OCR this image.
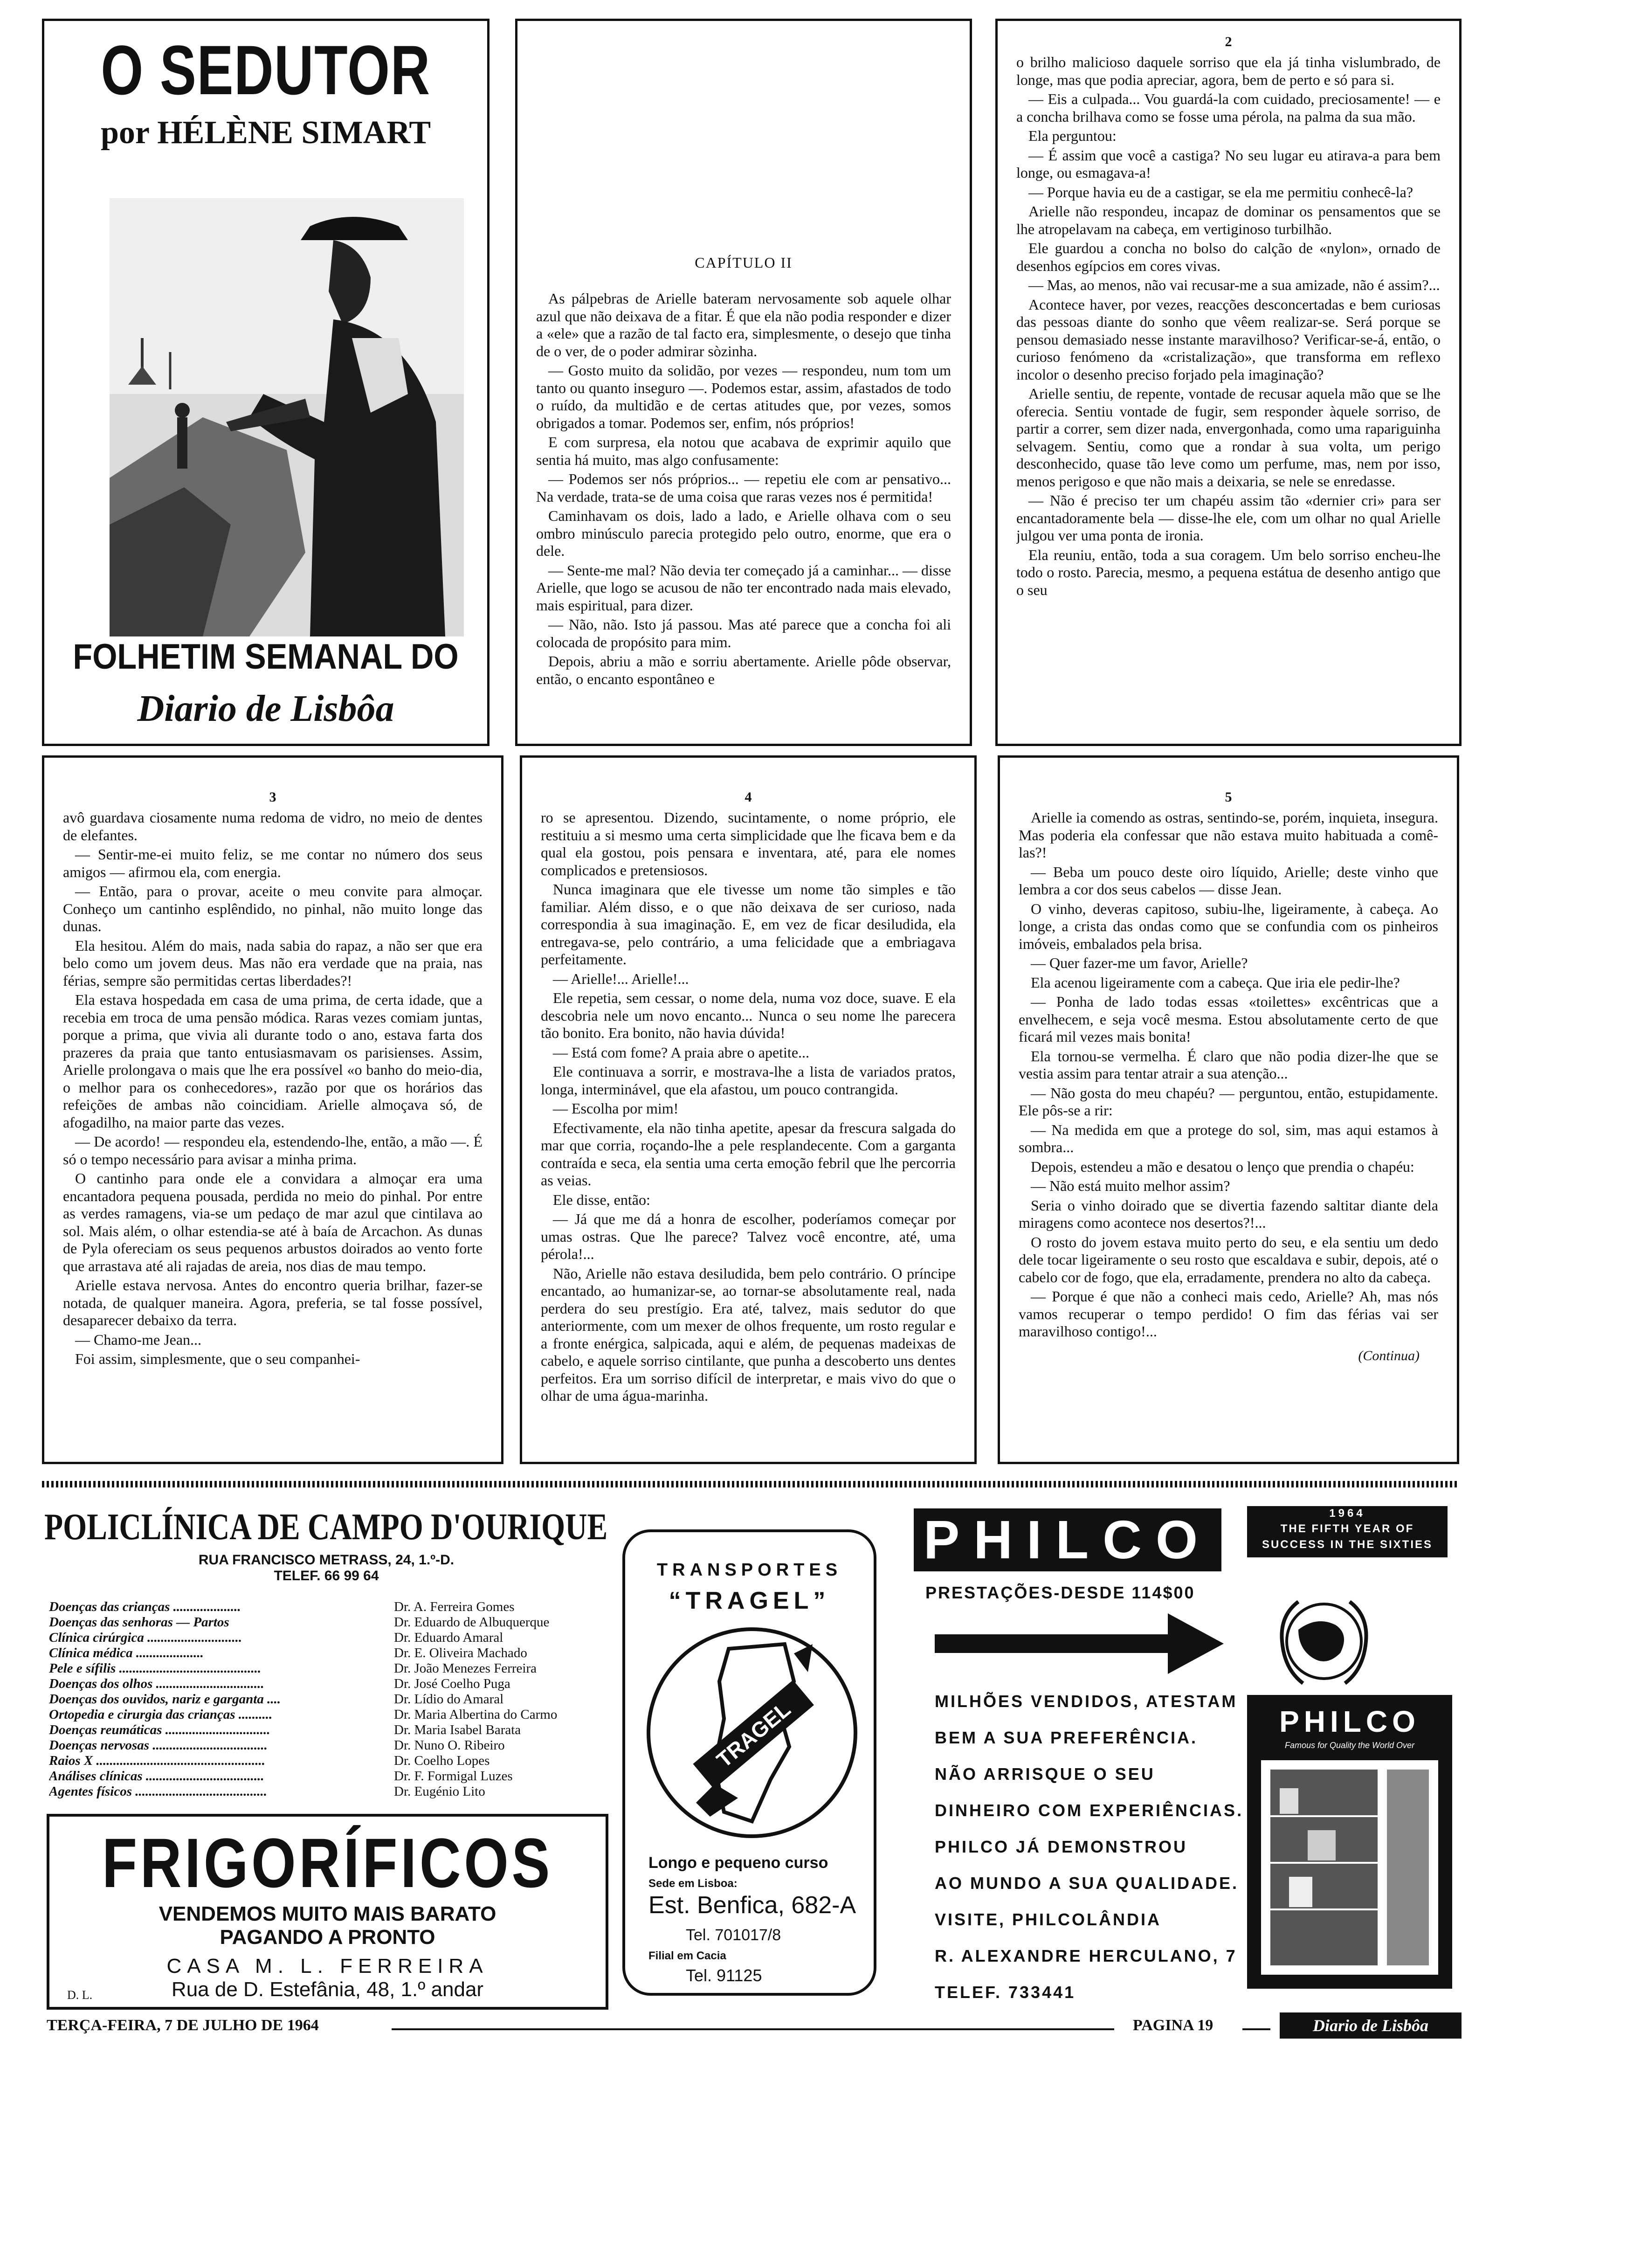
O SEDUTOR
por HÉLÈNE SIMART
FOLHETIM SEMANAL DO
Diario de Lisbôa
CAPÍTULO II

As pálpebras de Arielle bateram nervosamente sob aquele olhar azul que não deixava de a fitar. É que ela não podia responder e dizer a «ele» que a razão de tal facto era, simplesmente, o desejo que tinha de o ver, de o poder admirar sòzinha.

— Gosto muito da solidão, por vezes — respondeu, num tom um tanto ou quanto inseguro —. Podemos estar, assim, afastados de todo o ruído, da multidão e de certas atitudes que, por vezes, somos obrigados a tomar. Podemos ser, enfim, nós próprios!

E com surpresa, ela notou que acabava de exprimir aquilo que sentia há muito, mas algo confusamente:

— Podemos ser nós próprios... — repetiu ele com ar pensativo... Na verdade, trata-se de uma coisa que raras vezes nos é permitida!

Caminhavam os dois, lado a lado, e Arielle olhava com o seu ombro minúsculo parecia protegido pelo outro, enorme, que era o dele.

— Sente-me mal? Não devia ter começado já a caminhar... — disse Arielle, que logo se acusou de não ter encontrado nada mais elevado, mais espiritual, para dizer.

— Não, não. Isto já passou. Mas até parece que a concha foi ali colocada de propósito para mim.

Depois, abriu a mão e sorriu abertamente. Arielle pôde observar, então, o encanto espontâneo e

2

o brilho malicioso daquele sorriso que ela já tinha vislumbrado, de longe, mas que podia apreciar, agora, bem de perto e só para si.

— Eis a culpada... Vou guardá-la com cuidado, preciosamente! — e a concha brilhava como se fosse uma pérola, na palma da sua mão.

Ela perguntou:

— É assim que você a castiga? No seu lugar eu atirava-a para bem longe, ou esmagava-a!

— Porque havia eu de a castigar, se ela me permitiu conhecê-la?

Arielle não respondeu, incapaz de dominar os pensamentos que se lhe atropelavam na cabeça, em vertiginoso turbilhão.

Ele guardou a concha no bolso do calção de «nylon», ornado de desenhos egípcios em cores vivas.

— Mas, ao menos, não vai recusar-me a sua amizade, não é assim?...

Acontece haver, por vezes, reacções desconcertadas e bem curiosas das pessoas diante do sonho que vêem realizar-se. Será porque se pensou demasiado nesse instante maravilhoso? Verificar-se-á, então, o curioso fenómeno da «cristalização», que transforma em reflexo incolor o desenho preciso forjado pela imaginação?

Arielle sentiu, de repente, vontade de recusar aquela mão que se lhe oferecia. Sentiu vontade de fugir, sem responder àquele sorriso, de partir a correr, sem dizer nada, envergonhada, como uma rapariguinha selvagem. Sentiu, como que a rondar à sua volta, um perigo desconhecido, quase tão leve como um perfume, mas, nem por isso, menos perigoso e que não mais a deixaria, se nele se enredasse.

— Não é preciso ter um chapéu assim tão «dernier cri» para ser encantadoramente bela — disse-lhe ele, com um olhar no qual Arielle julgou ver uma ponta de ironia.

Ela reuniu, então, toda a sua coragem. Um belo sorriso encheu-lhe todo o rosto. Parecia, mesmo, a pequena estátua de desenho antigo que o seu

3

avô guardava ciosamente numa redoma de vidro, no meio de dentes de elefantes.

— Sentir-me-ei muito feliz, se me contar no número dos seus amigos — afirmou ela, com energia.

— Então, para o provar, aceite o meu convite para almoçar. Conheço um cantinho esplêndido, no pinhal, não muito longe das dunas.

Ela hesitou. Além do mais, nada sabia do rapaz, a não ser que era belo como um jovem deus. Mas não era verdade que na praia, nas férias, sempre são permitidas certas liberdades?!

Ela estava hospedada em casa de uma prima, de certa idade, que a recebia em troca de uma pensão módica. Raras vezes comiam juntas, porque a prima, que vivia ali durante todo o ano, estava farta dos prazeres da praia que tanto entusiasmavam os parisienses. Assim, Arielle prolongava o mais que lhe era possível «o banho do meio-dia, o melhor para os conhecedores», razão por que os horários das refeições de ambas não coincidiam. Arielle almoçava só, de afogadilho, na maior parte das vezes.

— De acordo! — respondeu ela, estendendo-lhe, então, a mão —. É só o tempo necessário para avisar a minha prima.

O cantinho para onde ele a convidara a almoçar era uma encantadora pequena pousada, perdida no meio do pinhal. Por entre as verdes ramagens, via-se um pedaço de mar azul que cintilava ao sol. Mais além, o olhar estendia-se até à baía de Arcachon. As dunas de Pyla ofereciam os seus pequenos arbustos doirados ao vento forte que arrastava até ali rajadas de areia, nos dias de mau tempo.

Arielle estava nervosa. Antes do encontro queria brilhar, fazer-se notada, de qualquer maneira. Agora, preferia, se tal fosse possível, desaparecer debaixo da terra.

— Chamo-me Jean...

Foi assim, simplesmente, que o seu companhei-

4

ro se apresentou. Dizendo, sucintamente, o nome próprio, ele restituiu a si mesmo uma certa simplicidade que lhe ficava bem e da qual ela gostou, pois pensara e inventara, até, para ele nomes complicados e pretensiosos.

Nunca imaginara que ele tivesse um nome tão simples e tão familiar. Além disso, e o que não deixava de ser curioso, nada correspondia à sua imaginação. E, em vez de ficar desiludida, ela entregava-se, pelo contrário, a uma felicidade que a embriagava perfeitamente.

— Arielle!... Arielle!...

Ele repetia, sem cessar, o nome dela, numa voz doce, suave. E ela descobria nele um novo encanto... Nunca o seu nome lhe parecera tão bonito. Era bonito, não havia dúvida!

— Está com fome? A praia abre o apetite...

Ele continuava a sorrir, e mostrava-lhe a lista de variados pratos, longa, interminável, que ela afastou, um pouco contrangida.

— Escolha por mim!

Efectivamente, ela não tinha apetite, apesar da frescura salgada do mar que corria, roçando-lhe a pele resplandecente. Com a garganta contraída e seca, ela sentia uma certa emoção febril que lhe percorria as veias.

Ele disse, então:

— Já que me dá a honra de escolher, poderíamos começar por umas ostras. Que lhe parece? Talvez você encontre, até, uma pérola!...

Não, Arielle não estava desiludida, bem pelo contrário. O príncipe encantado, ao humanizar-se, ao tornar-se absolutamente real, nada perdera do seu prestígio. Era até, talvez, mais sedutor do que anteriormente, com um mexer de olhos frequente, um rosto regular e a fronte enérgica, salpicada, aqui e além, de pequenas madeixas de cabelo, e aquele sorriso cintilante, que punha a descoberto uns dentes perfeitos. Era um sorriso difícil de interpretar, e mais vivo do que o olhar de uma água-marinha.

5

Arielle ia comendo as ostras, sentindo-se, porém, inquieta, insegura. Mas poderia ela confessar que não estava muito habituada a comê-las?!

— Beba um pouco deste oiro líquido, Arielle; deste vinho que lembra a cor dos seus cabelos — disse Jean.

O vinho, deveras capitoso, subiu-lhe, ligeiramente, à cabeça. Ao longe, a crista das ondas como que se confundia com os pinheiros imóveis, embalados pela brisa.

— Quer fazer-me um favor, Arielle?

Ela acenou ligeiramente com a cabeça. Que iria ele pedir-lhe?

— Ponha de lado todas essas «toilettes» excêntricas que a envelhecem, e seja você mesma. Estou absolutamente certo de que ficará mil vezes mais bonita!

Ela tornou-se vermelha. É claro que não podia dizer-lhe que se vestia assim para tentar atrair a sua atenção...

— Não gosta do meu chapéu? — perguntou, então, estupidamente. Ele pôs-se a rir:

— Na medida em que a protege do sol, sim, mas aqui estamos à sombra...

Depois, estendeu a mão e desatou o lenço que prendia o chapéu:

— Não está muito melhor assim?

Seria o vinho doirado que se divertia fazendo saltitar diante dela miragens como acontece nos desertos?!...

O rosto do jovem estava muito perto do seu, e ela sentiu um dedo dele tocar ligeiramente o seu rosto que escaldava e subir, depois, até o cabelo cor de fogo, que ela, erradamente, prendera no alto da cabeça.

— Porque é que não a conheci mais cedo, Arielle? Ah, mas nós vamos recuperar o tempo perdido! O fim das férias vai ser maravilhoso contigo!...

(Continua)
POLICLÍNICA DE CAMPO D'OURIQUE
RUA FRANCISCO METRASS, 24, 1.º-D.
TELEF. 66 99 64
Doenças das crianças ....................	Dr. A. Ferreira Gomes
Doenças das senhoras — Partos	Dr. Eduardo de Albuquerque
Clínica cirúrgica ............................	Dr. Eduardo Amaral
Clínica médica ....................	Dr. E. Oliveira Machado
Pele e sífilis ..........................................	Dr. João Menezes Ferreira
Doenças dos olhos ................................	Dr. José Coelho Puga
Doenças dos ouvidos, nariz e garganta ....	Dr. Lídio do Amaral
Ortopedia e cirurgia das crianças ..........	Dr. Maria Albertina do Carmo
Doenças reumáticas ...............................	Dr. Maria Isabel Barata
Doenças nervosas ..................................	Dr. Nuno O. Ribeiro
Raios X ..................................................	Dr. Coelho Lopes
Análises clínicas ...................................	Dr. F. Formigal Luzes
Agentes físicos .......................................	Dr. Eugénio Lito
FRIGORÍFICOS
VENDEMOS MUITO MAIS BARATO
PAGANDO A PRONTO
CASA M. L. FERREIRA
Rua de D. Estefânia, 48, 1.º andar
D. L.
TRANSPORTES
“TRAGEL”
TRAGEL
Longo e pequeno curso
Sede em Lisboa:
Est. Benfica, 682-A
Tel. 701017/8
Filial em Cacia
Tel. 91125
PHILCO	1964
THE FIFTH YEAR OF
SUCCESS IN THE SIXTIES
PRESTAÇÕES-DESDE 114$00
MILHÕES VENDIDOS, ATESTAM
BEM A SUA PREFERÊNCIA.
NÃO ARRISQUE O SEU
DINHEIRO COM EXPERIÊNCIAS.
PHILCO JÁ DEMONSTROU
AO MUNDO A SUA QUALIDADE.
VISITE, PHILCOLÂNDIA
R. ALEXANDRE HERCULANO, 7
TELEF. 733441
PHILCO
Famous for Quality the World Over
TERÇA-FEIRA, 7 DE JULHO DE 1964	PAGINA 19	Diario de Lisbôa
